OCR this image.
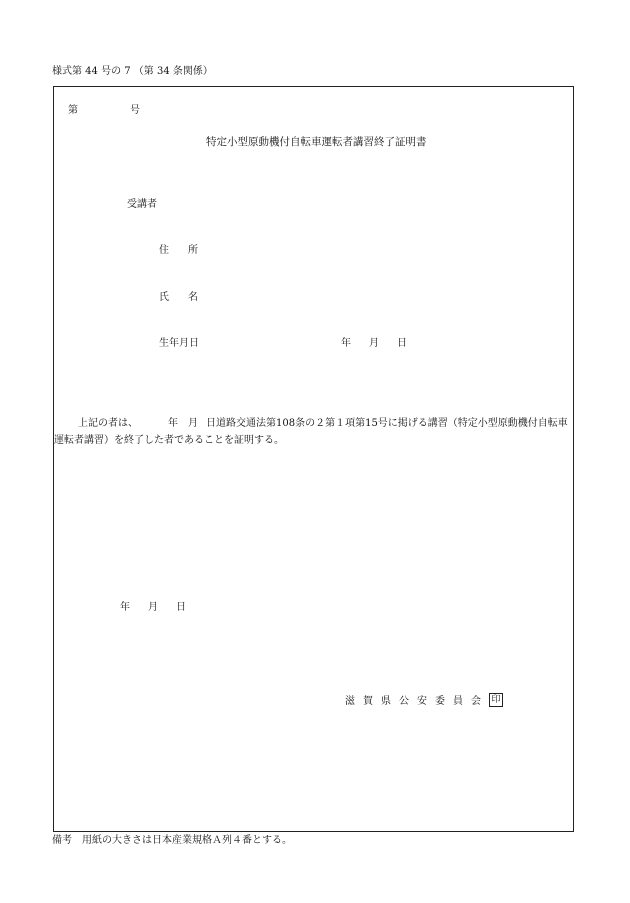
様式第 44 号の 7 （第 34 条関係）
第	号
特定小型原動機付自転車運転者講習終了証明書
受講者
住 所
氏 名
生年月日	年 月 日
上記の者は、	年 月 日道路交通法第108条の２第１項第15号に掲げる講習（特定小型原動機付自転車
運転者講習）を終了した者であることを証明する。
年 月 日
滋 賀 県 公 安 委 員 会 印
備考　用紙の大きさは日本産業規格Ａ列４番とする。
